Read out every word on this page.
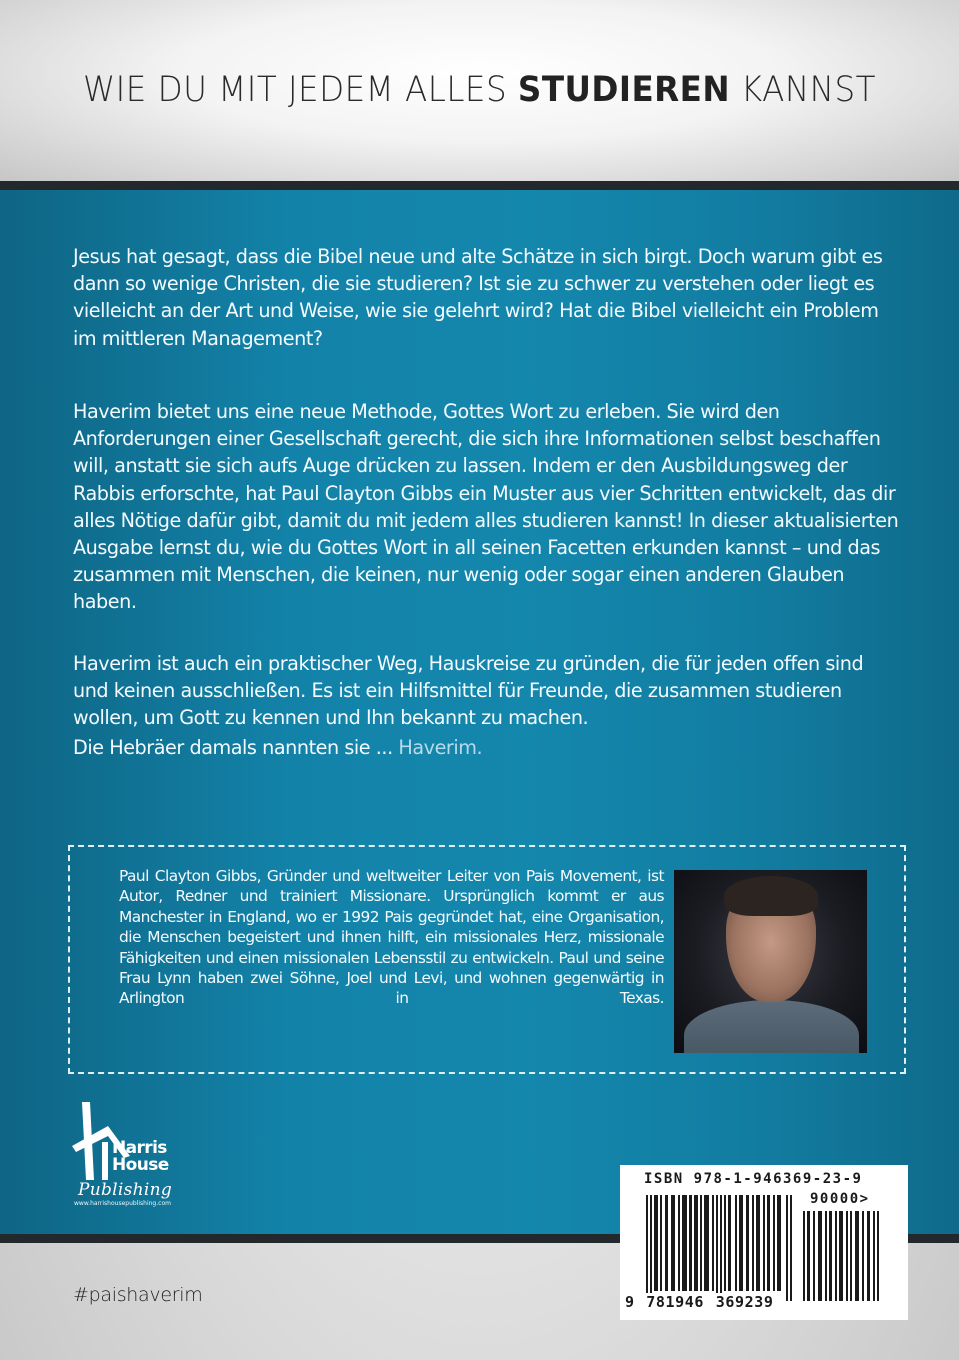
WIE DU MIT JEDEM ALLES STUDIEREN KANNST

Jesus hat gesagt, dass die Bibel neue und alte Schätze in sich birgt. Doch warum gibt es dann so wenige Christen, die sie studieren? Ist sie zu schwer zu verstehen oder liegt es vielleicht an der Art und Weise, wie sie gelehrt wird? Hat die Bibel vielleicht ein Problem im mittleren Management?

Haverim bietet uns eine neue Methode, Gottes Wort zu erleben. Sie wird den Anforderungen einer Gesellschaft gerecht, die sich ihre Informationen selbst beschaffen will, anstatt sie sich aufs Auge drücken zu lassen. Indem er den Ausbildungsweg der Rabbis erforschte, hat Paul Clayton Gibbs ein Muster aus vier Schritten entwickelt, das dir alles Nötige dafür gibt, damit du mit jedem alles studieren kannst! In dieser aktualisierten Ausgabe lernst du, wie du Gottes Wort in all seinen Facetten erkunden kannst – und das zusammen mit Menschen, die keinen, nur wenig oder sogar einen anderen Glauben haben.

Haverim ist auch ein praktischer Weg, Hauskreise zu gründen, die für jeden offen sind und keinen ausschließen. Es ist ein Hilfsmittel für Freunde, die zusammen studieren wollen, um Gott zu kennen und Ihn bekannt zu machen.

Die Hebräer damals nannten sie ... Haverim.

Paul Clayton Gibbs, Gründer und weltweiter Leiter von Pais Movement, ist Autor, Redner und trainiert Missionare. Ursprünglich kommt er aus Manchester in England, wo er 1992 Pais gegründet hat, eine Organisation, die Menschen begeistert und ihnen hilft, ein missionales Herz, missionale Fähigkeiten und einen missionalen Lebensstil zu entwickeln. Paul und seine Frau Lynn haben zwei Söhne, Joel und Levi, und wohnen gegenwärtig in Arlington in Texas.

Harris
House
Publishing
www.harrishousepublishing.com
ISBN 978-1-946369-23-9
90000>
9 781946 369239
#paishaverim
